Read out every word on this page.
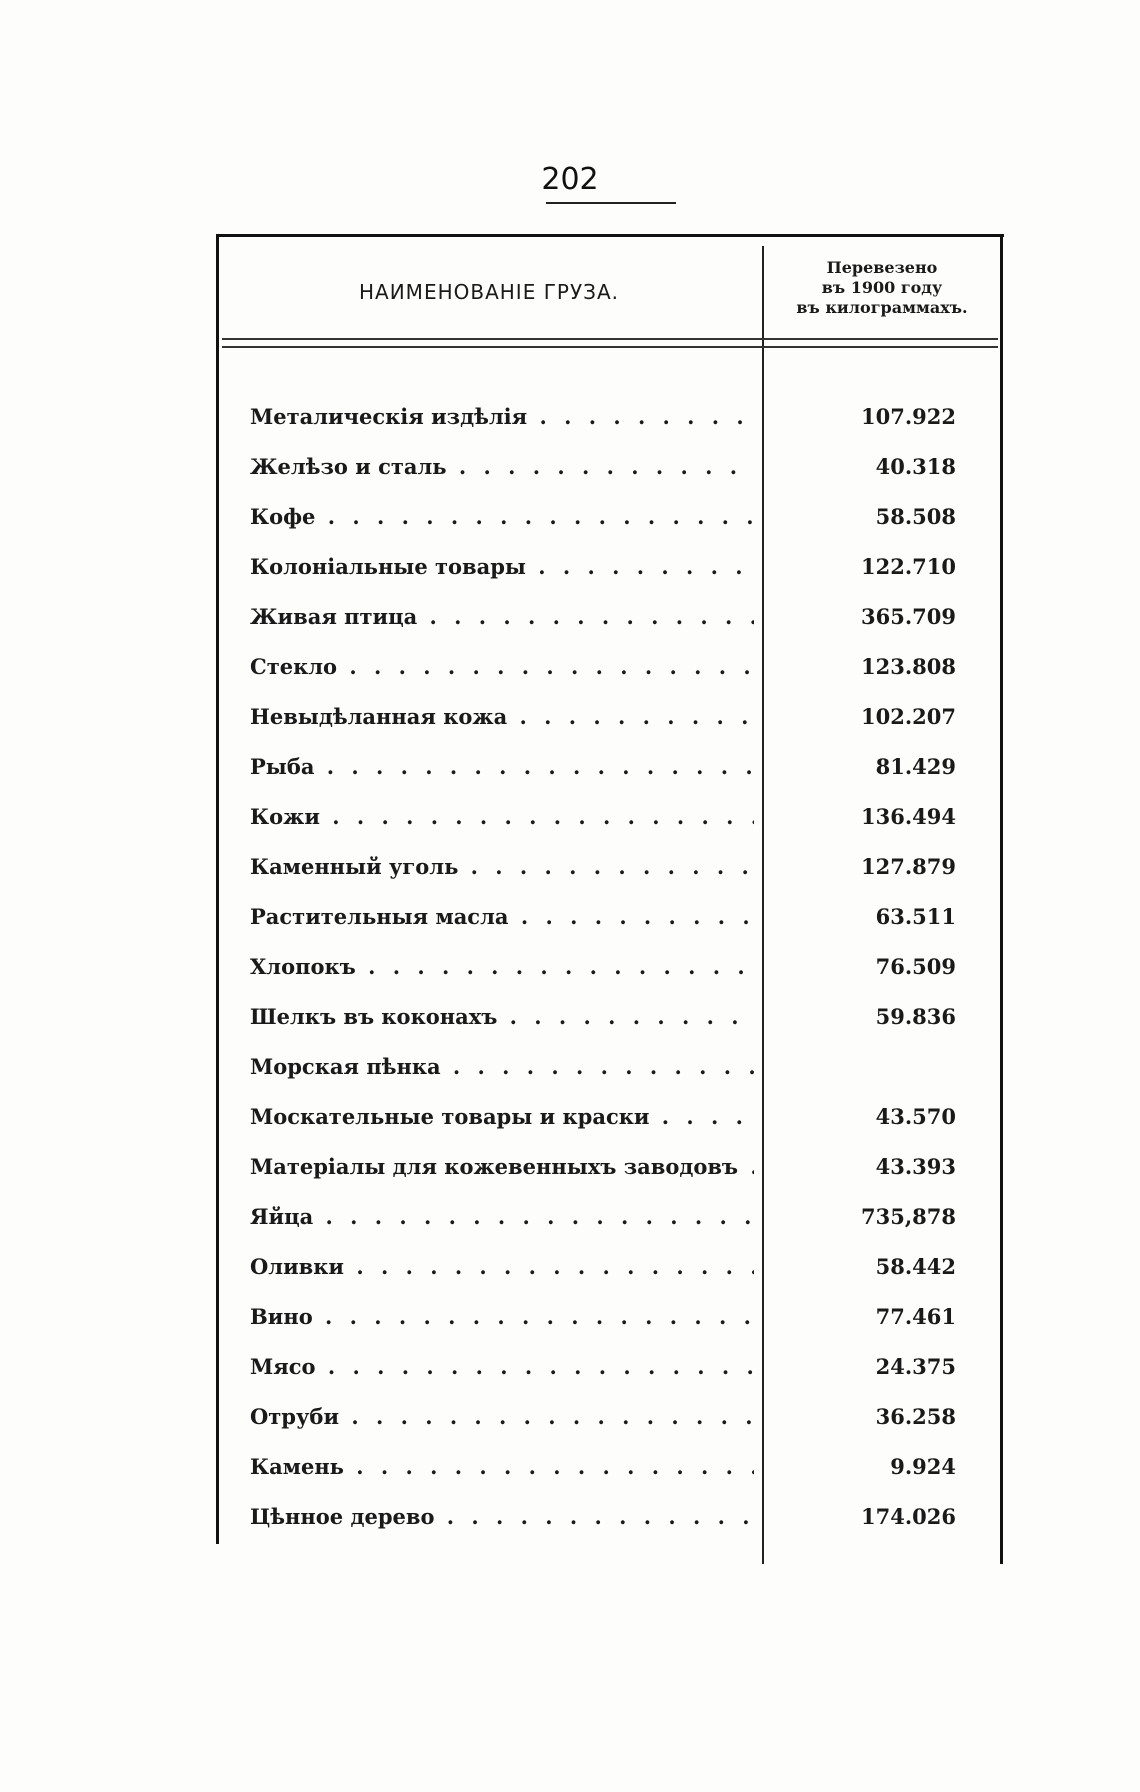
202
НАИМЕНОВАНІЕ ГРУЗА.
Перевезено
въ 1900 году
въ килограммахъ.
Металическія издѣлія . . .	107.922
Желѣзо и сталь . . .	40.318
Кофе . . .	58.508
Колоніальные товары . . .	122.710
Живая птица . . .	365.709
Стекло . . .	123.808
Невыдѣланная кожа . . .	102.207
Рыба . . .	81.429
Кожи . . .	136.494
Каменный уголь . . .	127.879
Растительныя масла . . .	63.511
Хлопокъ . . .	76.509
Шелкъ въ коконахъ . . .	59.836
Морская пѣнка . . .
Москательные товары и краски . . .	43.570
Матеріалы для кожевенныхъ заводовъ . . .	43.393
Яйца . . .	735,878
Оливки . . .	58.442
Вино . . .	77.461
Мясо . . .	24.375
Отруби . . .	36.258
Камень . . .	9.924
Цѣнное дерево . . .	174.026
